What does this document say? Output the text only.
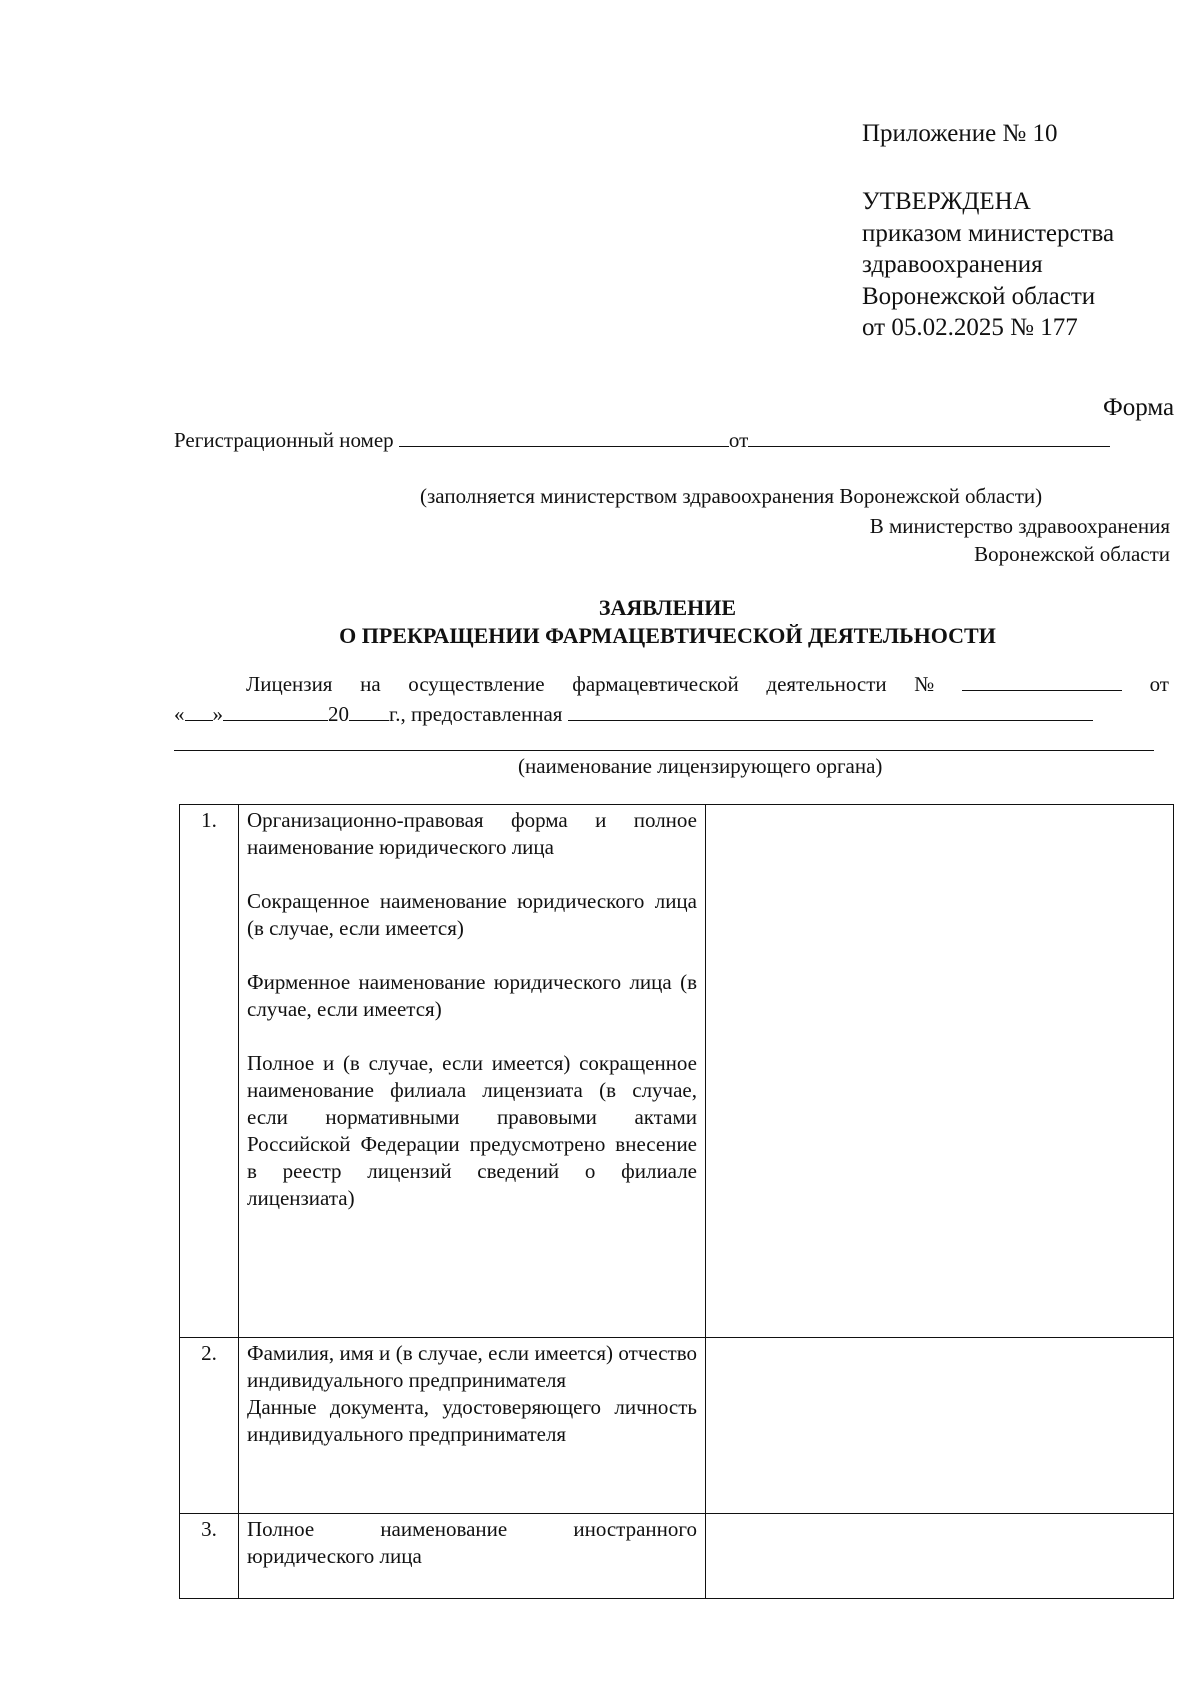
Приложение № 10
УТВЕРЖДЕНА
приказом министерства
здравоохранения
Воронежской области
от 05.02.2025 № 177
Форма
Регистрационный номер	от
(заполняется министерством здравоохранения Воронежской области)
В министерство здравоохранения
Воронежской области
ЗАЯВЛЕНИЕ
О ПРЕКРАЩЕНИИ ФАРМАЦЕВТИЧЕСКОЙ ДЕЯТЕЛЬНОСТИ
Лицензия на осуществление фармацевтической деятельности №	от
« »	20 г., предоставленная
(наименование лицензирующего органа)
1.	Организационно-правовая форма и полное наименование юридического лица

Сокращенное наименование юридического лица (в случае, если имеется)

Фирменное наименование юридического лица (в случае, если имеется)

Полное и (в случае, если имеется) сокращенное наименование филиала лицензиата (в случае, если нормативными правовыми актами Российской Федерации предусмотрено внесение в реестр лицензий сведений о филиале лицензиата)	

2.	Фамилия, имя и (в случае, если имеется) отчество индивидуального предпринимателя

Данные документа, удостоверяющего личность индивидуального предпринимателя	

3.	Полное наименование иностранного юридического лица	
